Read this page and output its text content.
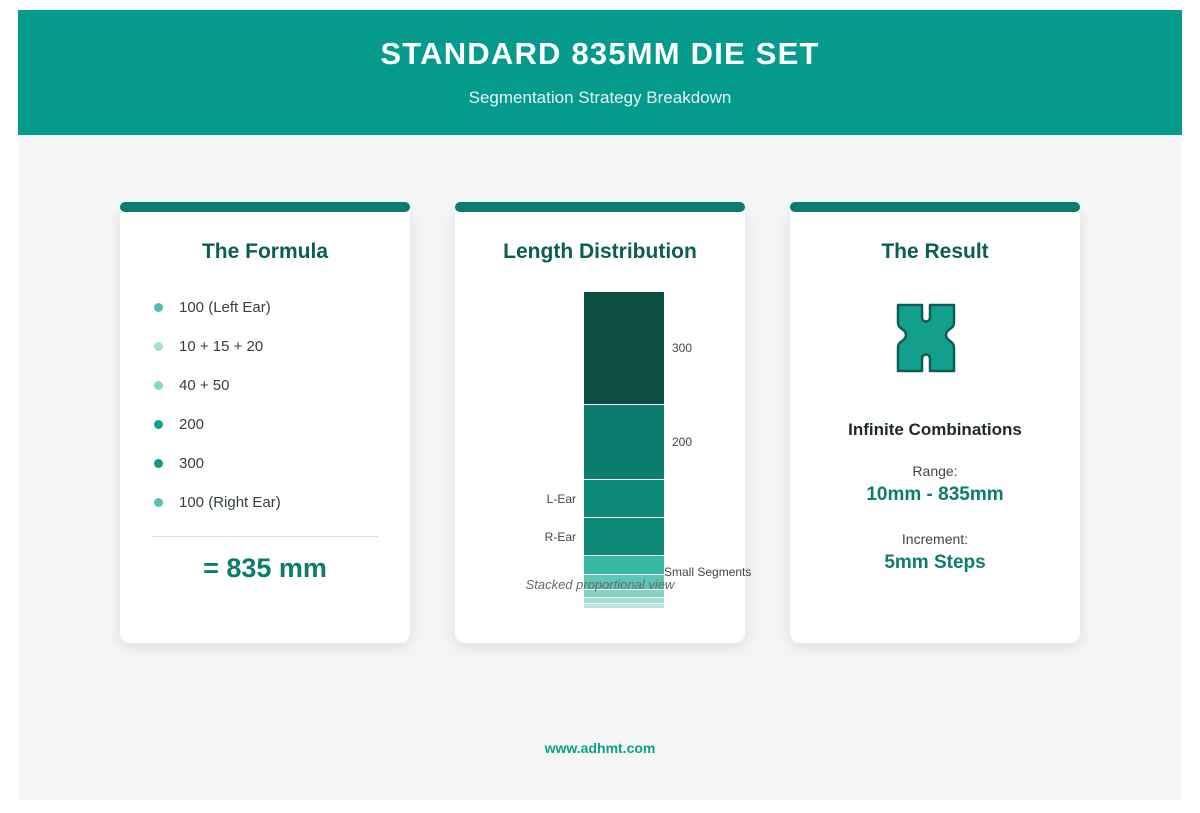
STANDARD 835MM DIE SET
Segmentation Strategy Breakdown
The Formula
100 (Left Ear)
10 + 15 + 20
40 + 50
200
300
100 (Right Ear)
= 835 mm
Length Distribution
300
200
L-Ear
R-Ear
Small Segments
Stacked proportional view
The Result
Infinite Combinations
Range:
10mm - 835mm
Increment:
5mm Steps
www.adhmt.com
